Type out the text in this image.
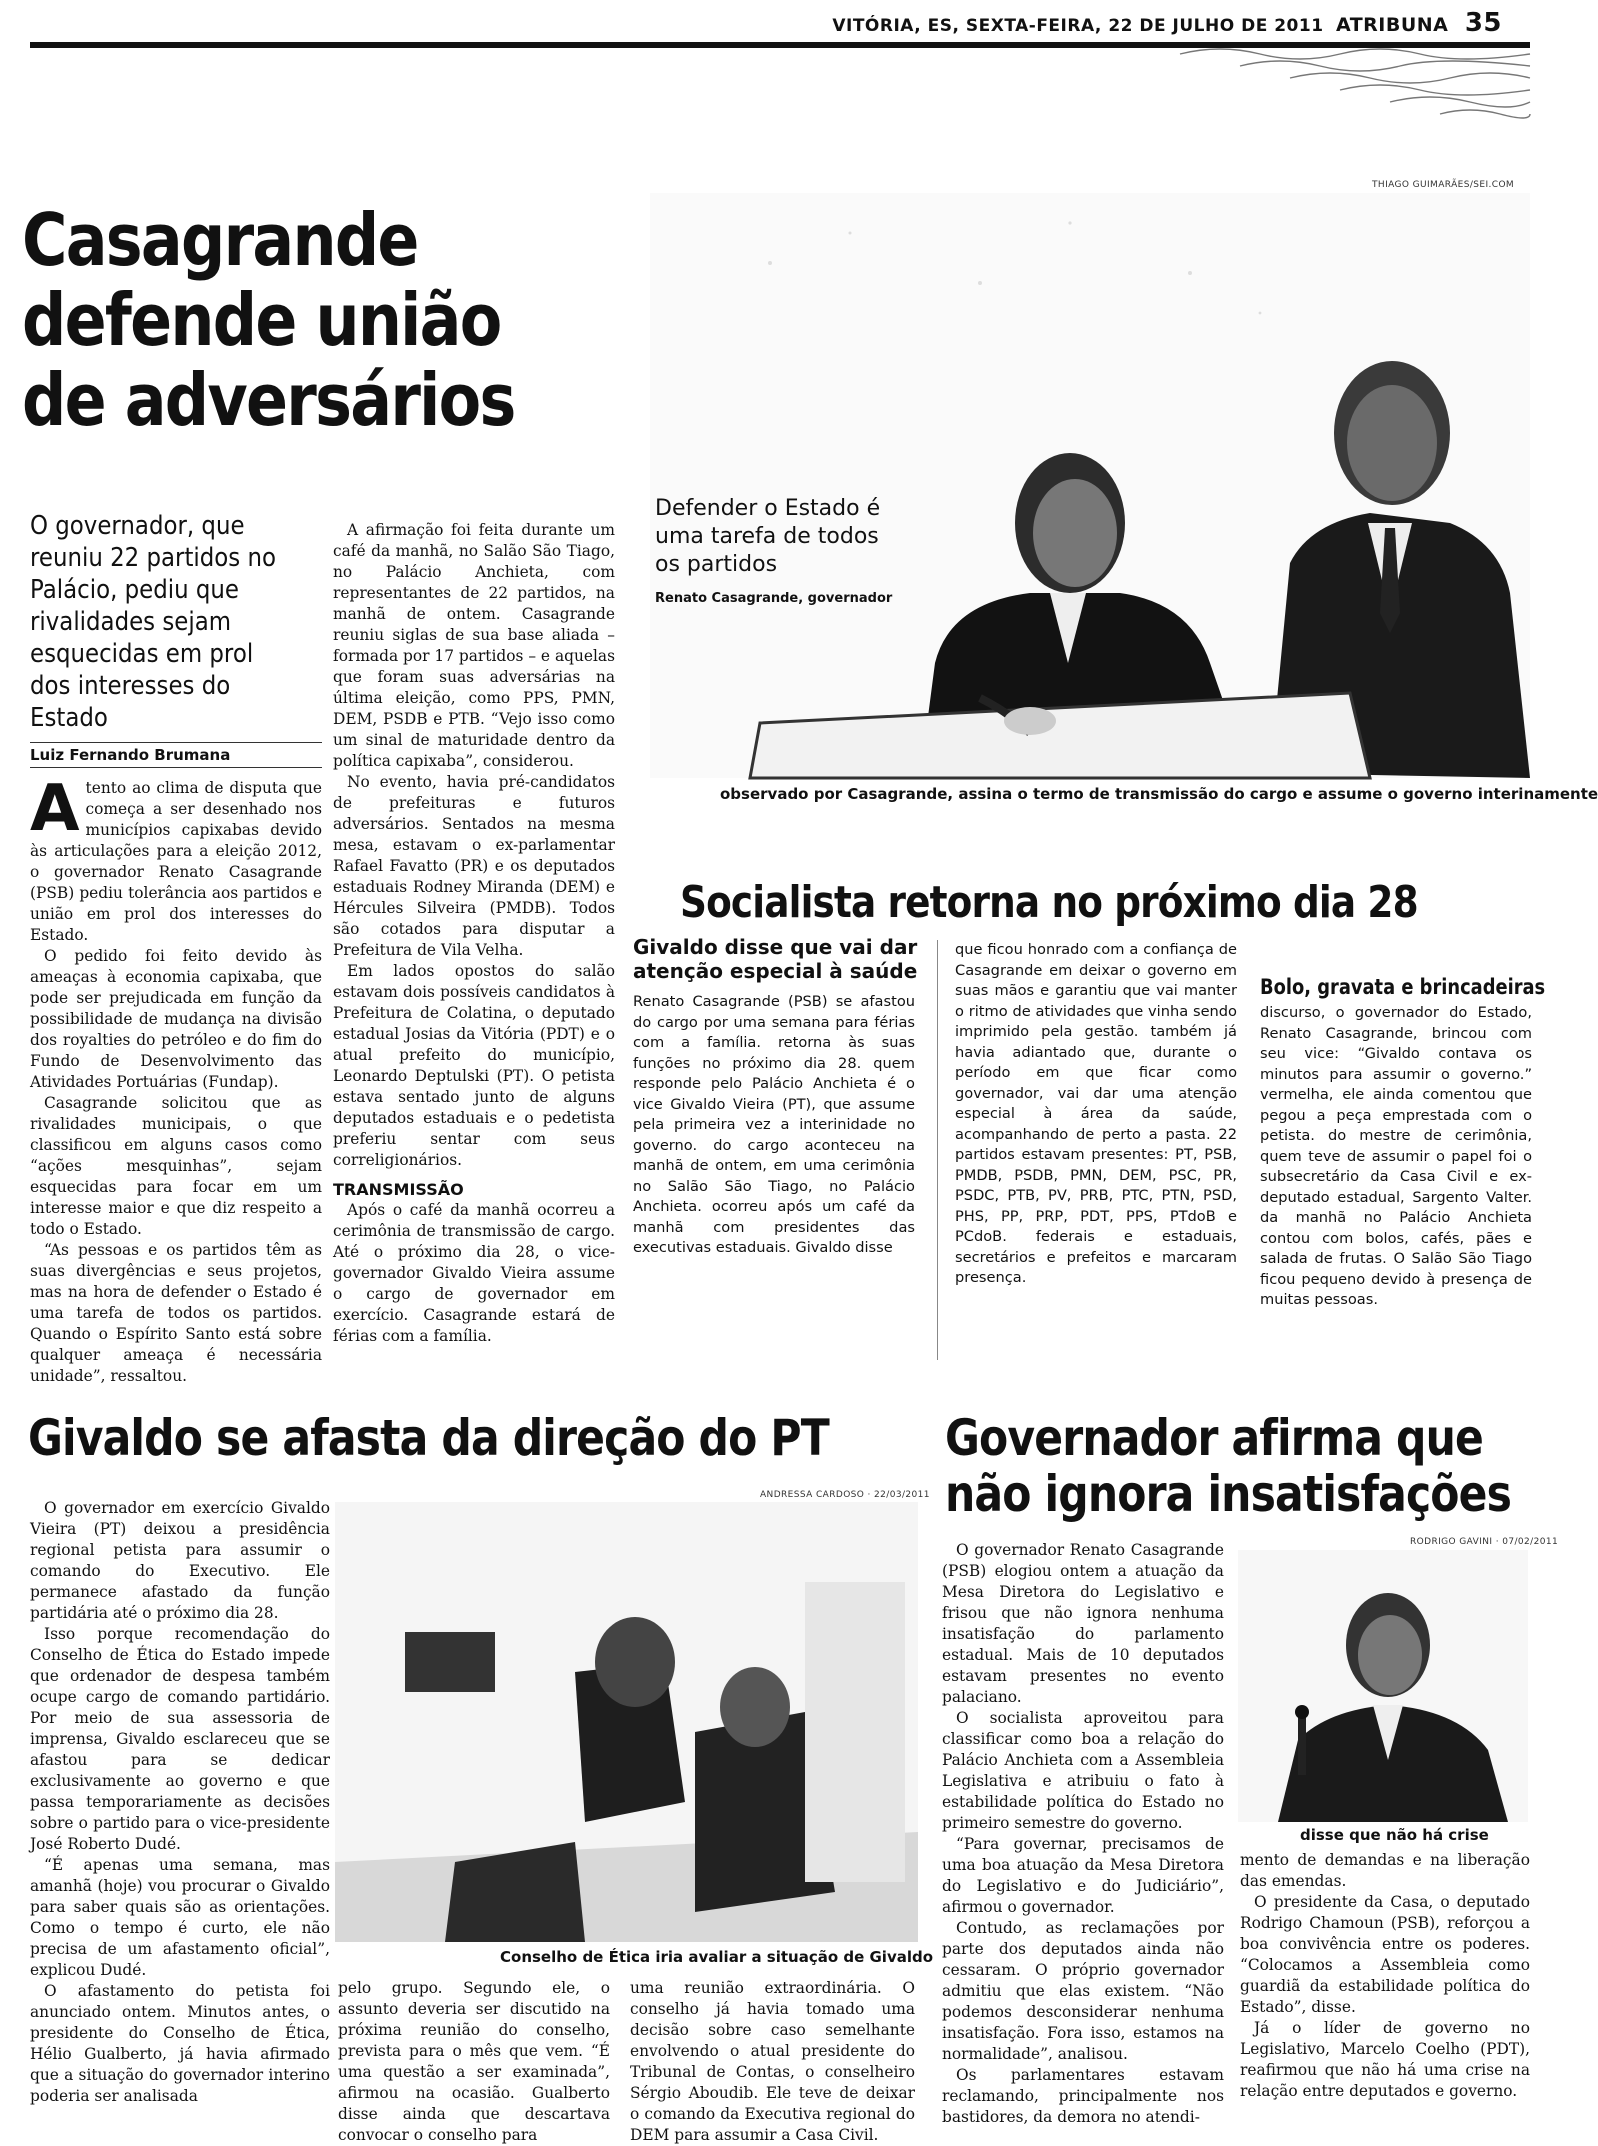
VITÓRIA, ES, SEXTA-FEIRA, 22 DE JULHO DE 2011 ATRIBUNA 35
Casagrande
defende união
de adversários
O governador, que reuniu 22 partidos no Palácio, pediu que rivalidades sejam esquecidas em prol dos interesses do Estado
Luiz Fernando Brumana

Atento ao clima de disputa que começa a ser desenhado nos municípios capixabas devido às articulações para a eleição 2012, o governador Renato Casagrande (PSB) pediu tolerância aos partidos e união em prol dos interesses do Estado.

O pedido foi feito devido às ameaças à economia capixaba, que pode ser prejudicada em função da possibilidade de mudança na divisão dos royalties do petróleo e do fim do Fundo de Desenvolvimento das Atividades Portuárias (Fundap).

Casagrande solicitou que as rivalidades municipais, o que classificou em alguns casos como “ações mesquinhas”, sejam esquecidas para focar em um interesse maior e que diz respeito a todo o Estado.

“As pessoas e os partidos têm as suas divergências e seus projetos, mas na hora de defender o Estado é uma tarefa de todos os partidos. Quando o Espírito Santo está sobre qualquer ameaça é necessária unidade”, ressaltou.

A afirmação foi feita durante um café da manhã, no Salão São Tiago, no Palácio Anchieta, com representantes de 22 partidos, na manhã de ontem. Casagrande reuniu siglas de sua base aliada – formada por 17 partidos – e aquelas que foram suas adversárias na última eleição, como PPS, PMN, DEM, PSDB e PTB. “Vejo isso como um sinal de maturidade dentro da política capixaba”, considerou.

No evento, havia pré-candidatos de prefeituras e futuros adversários. Sentados na mesma mesa, estavam o ex-parlamentar Rafael Favatto (PR) e os deputados estaduais Rodney Miranda (DEM) e Hércules Silveira (PMDB). Todos são cotados para disputar a Prefeitura de Vila Velha.

Em lados opostos do salão estavam dois possíveis candidatos à Prefeitura de Colatina, o deputado estadual Josias da Vitória (PDT) e o atual prefeito do município, Leonardo Deptulski (PT). O petista estava sentado junto de alguns deputados estaduais e o pedetista preferiu sentar com seus correligionários.

TRANSMISSÃO

Após o café da manhã ocorreu a cerimônia de transmissão de cargo. Até o próximo dia 28, o vice-governador Givaldo Vieira assume o cargo de governador em exercício. Casagrande estará de férias com a família.

THIAGO GUIMARÃES/SEI.COM
Defender o Estado é uma tarefa de todos os partidos
Renato Casagrande, governador
observado por Casagrande, assina o termo de transmissão do cargo e assume o governo interinamente
Socialista retorna no próximo dia 28
Givaldo disse que vai dar
atenção especial à saúde
Renato Casagrande (PSB) se afastou do cargo por uma semana para férias com a família. retorna às suas funções no próximo dia 28. quem responde pelo Palácio Anchieta é o vice Givaldo Vieira (PT), que assume pela primeira vez a interinidade no governo. do cargo aconteceu na manhã de ontem, em uma cerimônia no Salão São Tiago, no Palácio Anchieta. ocorreu após um café da manhã com presidentes das executivas estaduais. Givaldo disse
que ficou honrado com a confiança de Casagrande em deixar o governo em suas mãos e garantiu que vai manter o ritmo de atividades que vinha sendo imprimido pela gestão. também já havia adiantado que, durante o período em que ficar como governador, vai dar uma atenção especial à área da saúde, acompanhando de perto a pasta. 22 partidos estavam presentes: PT, PSB, PMDB, PSDB, PMN, DEM, PSC, PR, PSDC, PTB, PV, PRB, PTC, PTN, PSD, PHS, PP, PRP, PDT, PPS, PTdoB e PCdoB. federais e estaduais, secretários e prefeitos e marcaram presença.
Bolo, gravata e brincadeiras
discurso, o governador do Estado, Renato Casagrande, brincou com seu vice: “Givaldo contava os minutos para assumir o governo.” vermelha, ele ainda comentou que pegou a peça emprestada com o petista. do mestre de cerimônia, quem teve de assumir o papel foi o subsecretário da Casa Civil e ex-deputado estadual, Sargento Valter. da manhã no Palácio Anchieta contou com bolos, cafés, pães e salada de frutas. O Salão São Tiago ficou pequeno devido à presença de muitas pessoas.
Givaldo se afasta da direção do PT

O governador em exercício Givaldo Vieira (PT) deixou a presidência regional petista para assumir o comando do Executivo. Ele permanece afastado da função partidária até o próximo dia 28.

Isso porque recomendação do Conselho de Ética do Estado impede que ordenador de despesa também ocupe cargo de comando partidário. Por meio de sua assessoria de imprensa, Givaldo esclareceu que se afastou para se dedicar exclusivamente ao governo e que passa temporariamente as decisões sobre o partido para o vice-presidente José Roberto Dudé.

“É apenas uma semana, mas amanhã (hoje) vou procurar o Givaldo para saber quais são as orientações. Como o tempo é curto, ele não precisa de um afastamento oficial”, explicou Dudé.

O afastamento do petista foi anunciado ontem. Minutos antes, o presidente do Conselho de Ética, Hélio Gualberto, já havia afirmado que a situação do governador interino poderia ser analisada

ANDRESSA CARDOSO · 22/03/2011
Conselho de Ética iria avaliar a situação de Givaldo
pelo grupo. Segundo ele, o assunto deveria ser discutido na próxima reunião do conselho, prevista para o mês que vem. “É uma questão a ser examinada”, afirmou na ocasião. Gualberto disse ainda que descartava convocar o conselho para
uma reunião extraordinária. O conselho já havia tomado uma decisão sobre caso semelhante envolvendo o atual presidente do Tribunal de Contas, o conselheiro Sérgio Aboudib. Ele teve de deixar o comando da Executiva regional do DEM para assumir a Casa Civil.
Governador afirma que
não ignora insatisfações

O governador Renato Casagrande (PSB) elogiou ontem a atuação da Mesa Diretora do Legislativo e frisou que não ignora nenhuma insatisfação do parlamento estadual. Mais de 10 deputados estavam presentes no evento palaciano.

O socialista aproveitou para classificar como boa a relação do Palácio Anchieta com a Assembleia Legislativa e atribuiu o fato à estabilidade política do Estado no primeiro semestre do governo.

“Para governar, precisamos de uma boa atuação da Mesa Diretora do Legislativo e do Judiciário”, afirmou o governador.

Contudo, as reclamações por parte dos deputados ainda não cessaram. O próprio governador admitiu que elas existem. “Não podemos desconsiderar nenhuma insatisfação. Fora isso, estamos na normalidade”, analisou.

Os parlamentares estavam reclamando, principalmente nos bastidores, da demora no atendi-

RODRIGO GAVINI · 07/02/2011
disse que não há crise

mento de demandas e na liberação das emendas.

O presidente da Casa, o deputado Rodrigo Chamoun (PSB), reforçou a boa convivência entre os poderes. “Colocamos a Assembleia como guardiã da estabilidade política do Estado”, disse.

Já o líder de governo no Legislativo, Marcelo Coelho (PDT), reafirmou que não há uma crise na relação entre deputados e governo.
